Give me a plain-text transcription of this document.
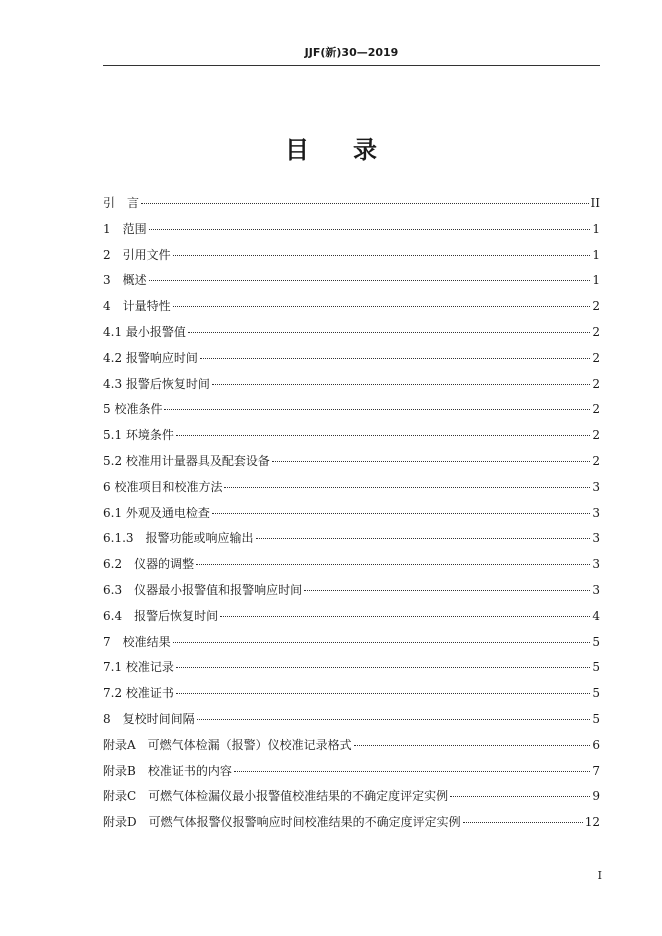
JJF(新)30—2019
目 录
引　言	II
1　范围	1
2　引用文件	1
3　概述	1
4　计量特性	2
4.1 最小报警值	2
4.2 报警响应时间	2
4.3 报警后恢复时间	2
5 校准条件	2
5.1 环境条件	2
5.2 校准用计量器具及配套设备	2
6 校准项目和校准方法	3
6.1 外观及通电检查	3
6.1.3　报警功能或响应输出	3
6.2　仪器的调整	3
6.3　仪器最小报警值和报警响应时间	3
6.4　报警后恢复时间	4
7　校准结果	5
7.1 校准记录	5
7.2 校准证书	5
8　复校时间间隔	5
附录A　可燃气体检漏（报警）仪校准记录格式	6
附录B　校准证书的内容	7
附录C　可燃气体检漏仪最小报警值校准结果的不确定度评定实例	9
附录D　可燃气体报警仪报警响应时间校准结果的不确定度评定实例	12
I
